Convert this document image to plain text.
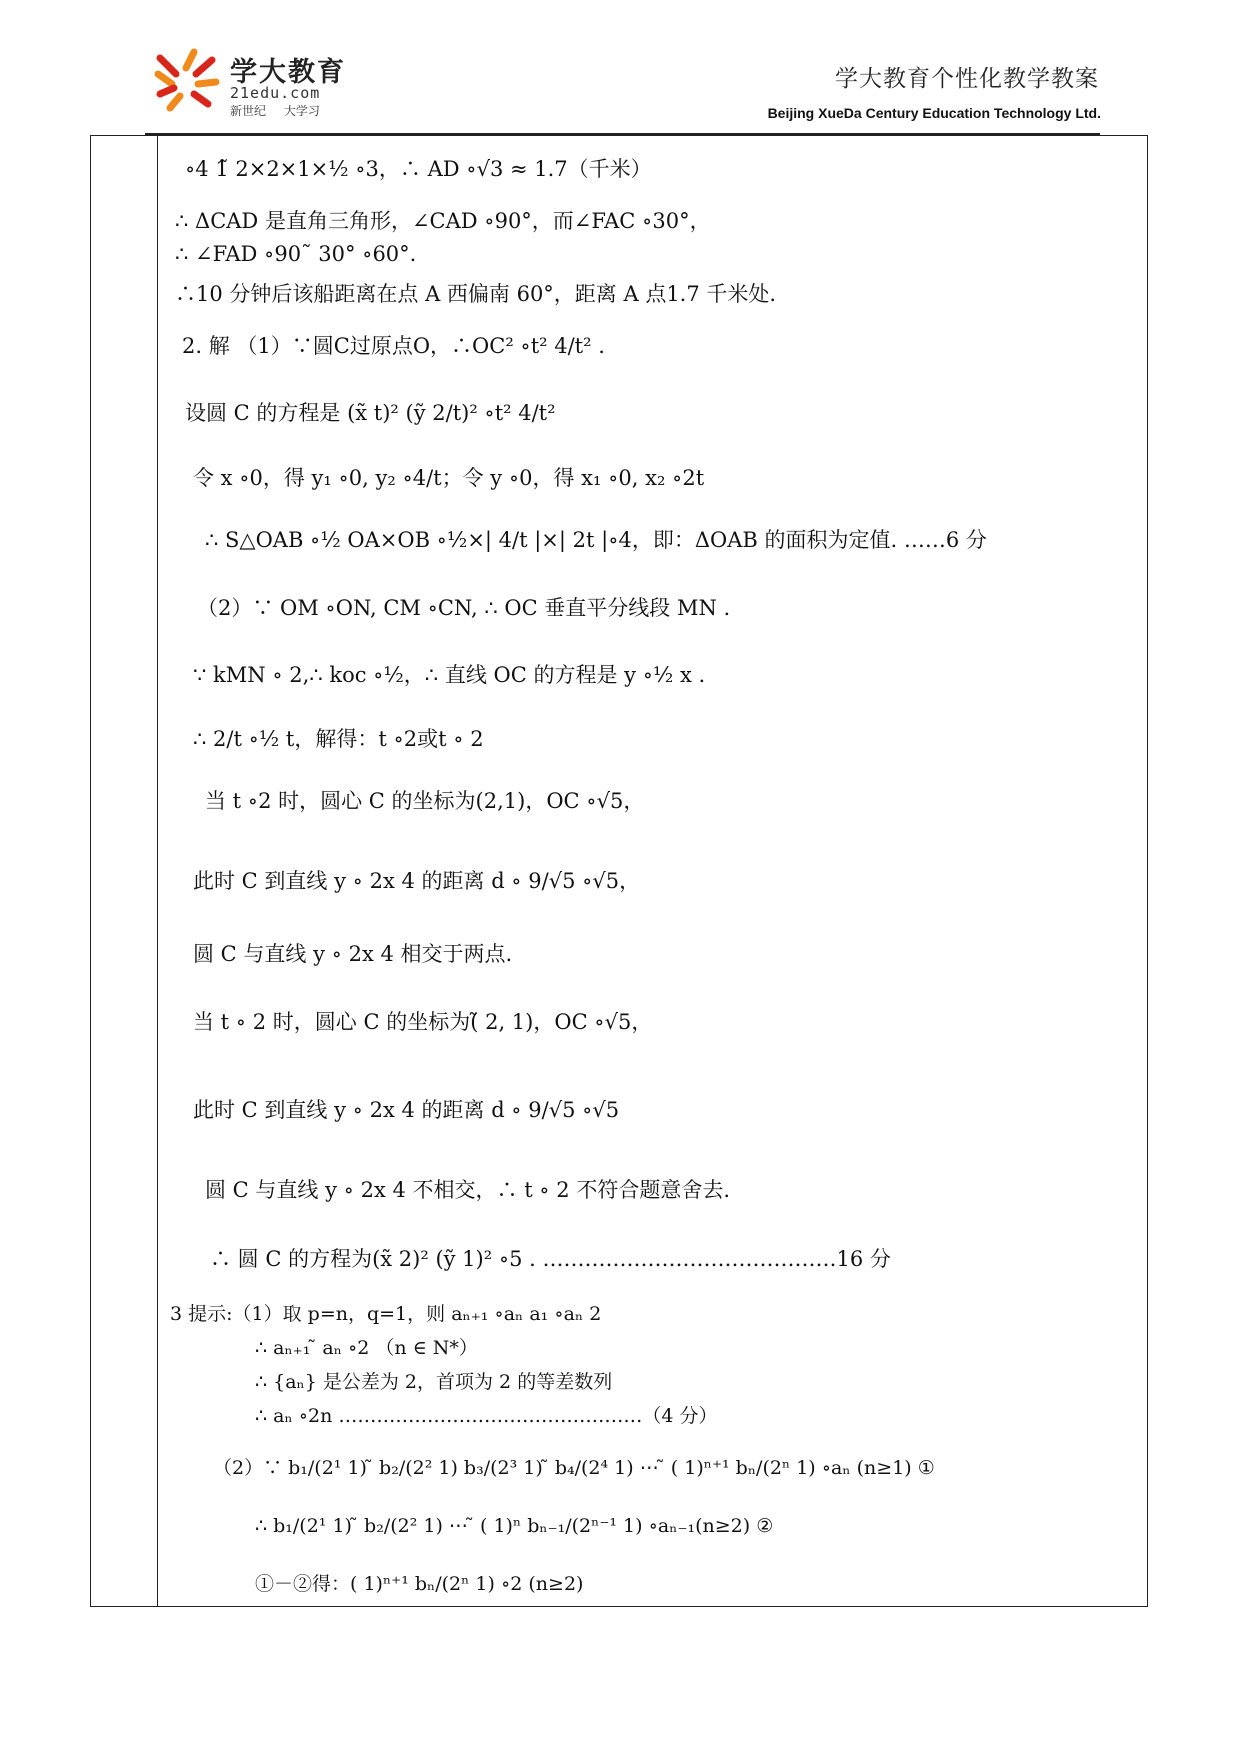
学大教育
21edu.com
新世纪 大学习
学大教育个性化教学教案
Beijing XueDa Century Education Technology Ltd.
∘4 1̃ 2×2×1×½ ∘3，∴ AD ∘√3 ≈ 1.7（千米）
∴ ΔCAD 是直角三角形，∠CAD ∘90°，而∠FAC ∘30°，
∴ ∠FAD ∘90˜ 30° ∘60°.
∴10 分钟后该船距离在点 A 西偏南 60°，距离 A 点1.7 千米处.
2. 解 （1）∵圆C过原点O，∴OC² ∘t² 4/t² .
设圆 C 的方程是 (x̃ t)² (ỹ 2/t)² ∘t² 4/t²
令 x ∘0，得 y₁ ∘0, y₂ ∘4/t；令 y ∘0，得 x₁ ∘0, x₂ ∘2t
∴ S△OAB ∘½ OA×OB ∘½×| 4/t |×| 2t |∘4，即：ΔOAB 的面积为定值. ……6 分
（2）∵ OM ∘ON, CM ∘CN, ∴ OC 垂直平分线段 MN .
∵ kMN ∘ 2,∴ koc ∘½，∴ 直线 OC 的方程是 y ∘½ x .
∴ 2/t ∘½ t，解得：t ∘2或t ∘ 2
当 t ∘2 时，圆心 C 的坐标为(2,1)，OC ∘√5，
此时 C 到直线 y ∘ 2x 4 的距离 d ∘ 9/√5 ∘√5，
圆 C 与直线 y ∘ 2x 4 相交于两点.
当 t ∘ 2 时，圆心 C 的坐标为(̃ 2, 1)，OC ∘√5，
此时 C 到直线 y ∘ 2x 4 的距离 d ∘ 9/√5 ∘√5
圆 C 与直线 y ∘ 2x 4 不相交，∴ t ∘ 2 不符合题意舍去.
∴ 圆 C 的方程为(x̃ 2)² (ỹ 1)² ∘5 . ……………………………………16 分
3 提示:（1）取 p=n，q=1，则 aₙ₊₁ ∘aₙ a₁ ∘aₙ 2
∴ aₙ₊₁ ̃ aₙ ∘2 （n ∈ N*）
∴ {aₙ} 是公差为 2，首项为 2 的等差数列
∴ aₙ ∘2n …………………………………………（4 分）
（2）∵ b₁/(2¹ 1) ̃ b₂/(2² 1) b₃/(2³ 1) ̃ b₄/(2⁴ 1) ⋯ ̃ ( 1)ⁿ⁺¹ bₙ/(2ⁿ 1) ∘aₙ (n≥1) ①
∴ b₁/(2¹ 1) ̃ b₂/(2² 1) ⋯ ̃ ( 1)ⁿ bₙ₋₁/(2ⁿ⁻¹ 1) ∘aₙ₋₁(n≥2) ②
①－②得：( 1)ⁿ⁺¹ bₙ/(2ⁿ 1) ∘2 (n≥2)
